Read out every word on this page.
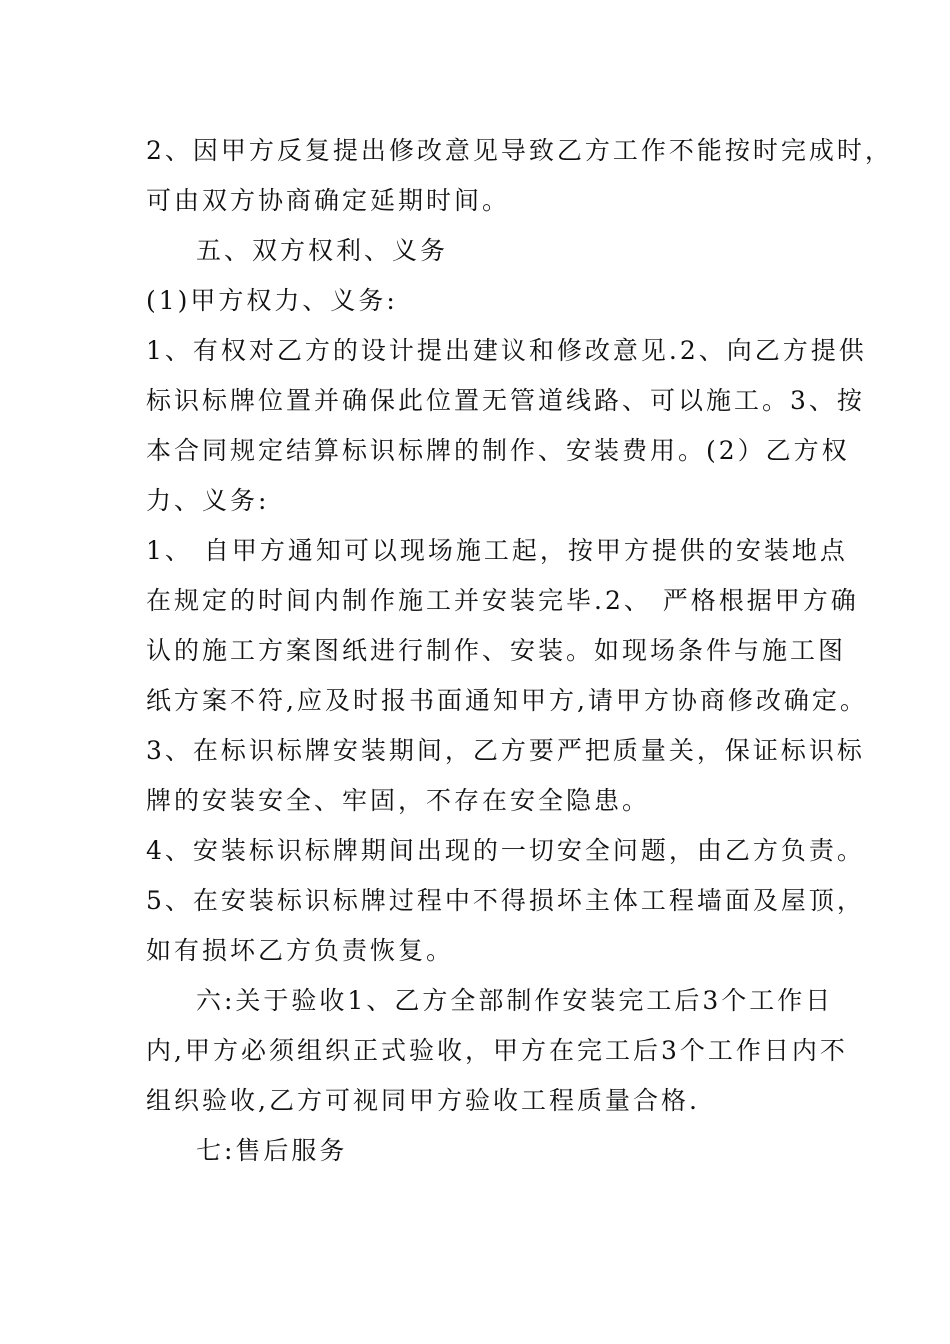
2、因甲方反复提出修改意见导致乙方工作不能按时完成时，

可由双方协商确定延期时间。

五、双方权利、义务

(1)甲方权力、义务:

1、有权对乙方的设计提出建议和修改意见.2、向乙方提供

标识标牌位置并确保此位置无管道线路、可以施工。3、按

本合同规定结算标识标牌的制作、安装费用。(2）乙方权

力、义务:

1、 自甲方通知可以现场施工起，按甲方提供的安装地点

在规定的时间内制作施工并安装完毕.2、 严格根据甲方确

认的施工方案图纸进行制作、安装。如现场条件与施工图

纸方案不符,应及时报书面通知甲方,请甲方协商修改确定。

3、在标识标牌安装期间，乙方要严把质量关，保证标识标

牌的安装安全、牢固，不存在安全隐患。

4、安装标识标牌期间出现的一切安全问题，由乙方负责。

5、在安装标识标牌过程中不得损坏主体工程墙面及屋顶，

如有损坏乙方负责恢复。

六:关于验收1、乙方全部制作安装完工后3个工作日

内,甲方必须组织正式验收，甲方在完工后3个工作日内不

组织验收,乙方可视同甲方验收工程质量合格.

七:售后服务
